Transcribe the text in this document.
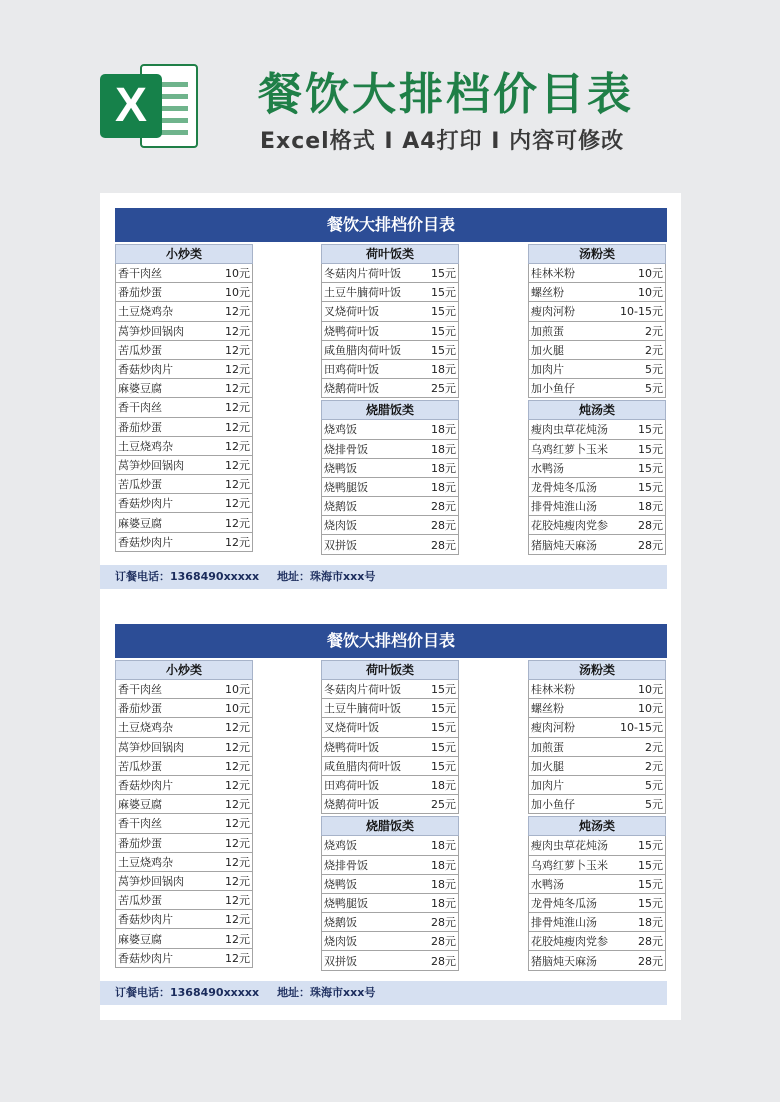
X	餐饮大排档价目表
Excel格式 I A4打印 I 内容可修改
餐饮大排档价目表
小炒类
香干肉丝	10元
番茄炒蛋	10元
土豆烧鸡杂	12元
莴笋炒回锅肉	12元
苦瓜炒蛋	12元
香菇炒肉片	12元
麻婆豆腐	12元
香干肉丝	12元
番茄炒蛋	12元
土豆烧鸡杂	12元
莴笋炒回锅肉	12元
苦瓜炒蛋	12元
香菇炒肉片	12元
麻婆豆腐	12元
香菇炒肉片	12元
荷叶饭类
冬菇肉片荷叶饭	15元
土豆牛腩荷叶饭	15元
叉烧荷叶饭	15元
烧鸭荷叶饭	15元
咸鱼腊肉荷叶饭	15元
田鸡荷叶饭	18元
烧鹅荷叶饭	25元
烧腊饭类
烧鸡饭	18元
烧排骨饭	18元
烧鸭饭	18元
烧鸭腿饭	18元
烧鹅饭	28元
烧肉饭	28元
双拼饭	28元
汤粉类
桂林米粉	10元
螺丝粉	10元
瘦肉河粉	10-15元
加煎蛋	2元
加火腿	2元
加肉片	5元
加小鱼仔	5元
炖汤类
瘦肉虫草花炖汤	15元
乌鸡红萝卜玉米	15元
水鸭汤	15元
龙骨炖冬瓜汤	15元
排骨炖淮山汤	18元
花胶炖瘦肉党参	28元
猪脑炖天麻汤	28元
订餐电话：1368490xxxxx 地址：珠海市xxx号
餐饮大排档价目表
小炒类
香干肉丝	10元
番茄炒蛋	10元
土豆烧鸡杂	12元
莴笋炒回锅肉	12元
苦瓜炒蛋	12元
香菇炒肉片	12元
麻婆豆腐	12元
香干肉丝	12元
番茄炒蛋	12元
土豆烧鸡杂	12元
莴笋炒回锅肉	12元
苦瓜炒蛋	12元
香菇炒肉片	12元
麻婆豆腐	12元
香菇炒肉片	12元
荷叶饭类
冬菇肉片荷叶饭	15元
土豆牛腩荷叶饭	15元
叉烧荷叶饭	15元
烧鸭荷叶饭	15元
咸鱼腊肉荷叶饭	15元
田鸡荷叶饭	18元
烧鹅荷叶饭	25元
烧腊饭类
烧鸡饭	18元
烧排骨饭	18元
烧鸭饭	18元
烧鸭腿饭	18元
烧鹅饭	28元
烧肉饭	28元
双拼饭	28元
汤粉类
桂林米粉	10元
螺丝粉	10元
瘦肉河粉	10-15元
加煎蛋	2元
加火腿	2元
加肉片	5元
加小鱼仔	5元
炖汤类
瘦肉虫草花炖汤	15元
乌鸡红萝卜玉米	15元
水鸭汤	15元
龙骨炖冬瓜汤	15元
排骨炖淮山汤	18元
花胶炖瘦肉党参	28元
猪脑炖天麻汤	28元
订餐电话：1368490xxxxx 地址：珠海市xxx号
